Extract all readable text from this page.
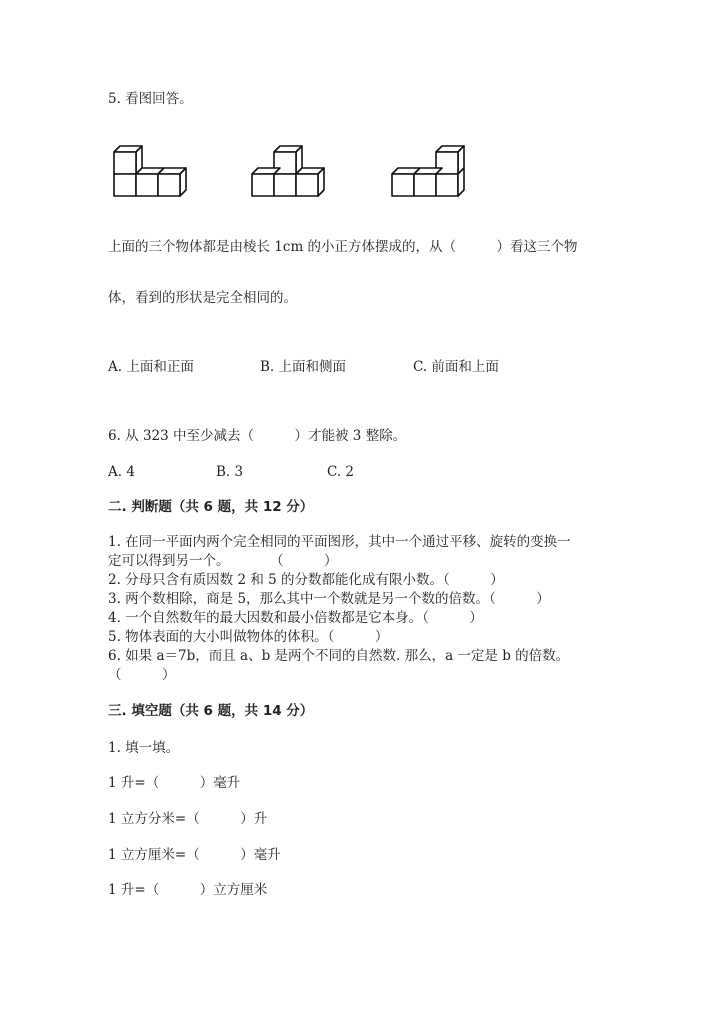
5. 看图回答。
上面的三个物体都是由棱长 1cm 的小正方体摆成的，从（　　　）看这三个物
体，看到的形状是完全相同的。
A. 上面和正面	B. 上面和侧面	C. 前面和上面
6. 从 323 中至少减去（　　　）才能被 3 整除。
A. 4	B. 3	C. 2
二. 判断题（共 6 题，共 12 分）
1. 在同一平面内两个完全相同的平面图形，其中一个通过平移、旋转的变换一
定可以得到另一个。　　　　（　　　）
2. 分母只含有质因数 2 和 5 的分数都能化成有限小数。（　　　）
3. 两个数相除，商是 5，那么其中一个数就是另一个数的倍数。（　　　）
4. 一个自然数年的最大因数和最小倍数都是它本身。（　　　）
5. 物体表面的大小叫做物体的体积。（　　　）
6. 如果 a＝7b，而且 a、b 是两个不同的自然数. 那么，a 一定是 b 的倍数。
（　　　）
三. 填空题（共 6 题，共 14 分）
1. 填一填。
1 升=（　　　）毫升
1 立方分米=（　　　）升
1 立方厘米=（　　　）毫升
1 升=（　　　）立方厘米
